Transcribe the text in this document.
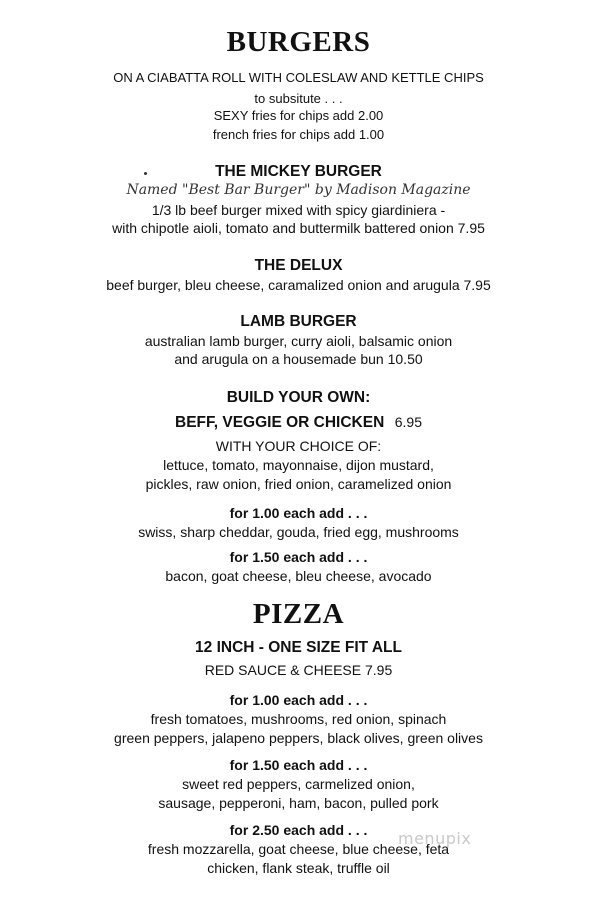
BURGERS
ON A CIABATTA ROLL WITH COLESLAW AND KETTLE CHIPS
to subsitute . . .
SEXY fries for chips add 2.00
french fries for chips add 1.00
THE MICKEY BURGER
Named "Best Bar Burger" by Madison Magazine
1/3 lb beef burger mixed with spicy giardiniera -
with chipotle aioli, tomato and buttermilk battered onion 7.95
THE DELUX
beef burger, bleu cheese, caramalized onion and arugula 7.95
LAMB BURGER
australian lamb burger, curry aioli, balsamic onion
and arugula on a housemade bun 10.50
BUILD YOUR OWN:
BEFF, VEGGIE OR CHICKEN 6.95
WITH YOUR CHOICE OF:
lettuce, tomato, mayonnaise, dijon mustard,
pickles, raw onion, fried onion, caramelized onion
for 1.00 each add . . .
swiss, sharp cheddar, gouda, fried egg, mushrooms
for 1.50 each add . . .
bacon, goat cheese, bleu cheese, avocado
PIZZA
12 INCH - ONE SIZE FIT ALL
RED SAUCE & CHEESE 7.95
for 1.00 each add . . .
fresh tomatoes, mushrooms, red onion, spinach
green peppers, jalapeno peppers, black olives, green olives
for 1.50 each add . . .
sweet red peppers, carmelized onion,
sausage, pepperoni, ham, bacon, pulled pork
for 2.50 each add . . .
fresh mozzarella, goat cheese, blue cheese, feta
chicken, flank steak, truffle oil
menupix
